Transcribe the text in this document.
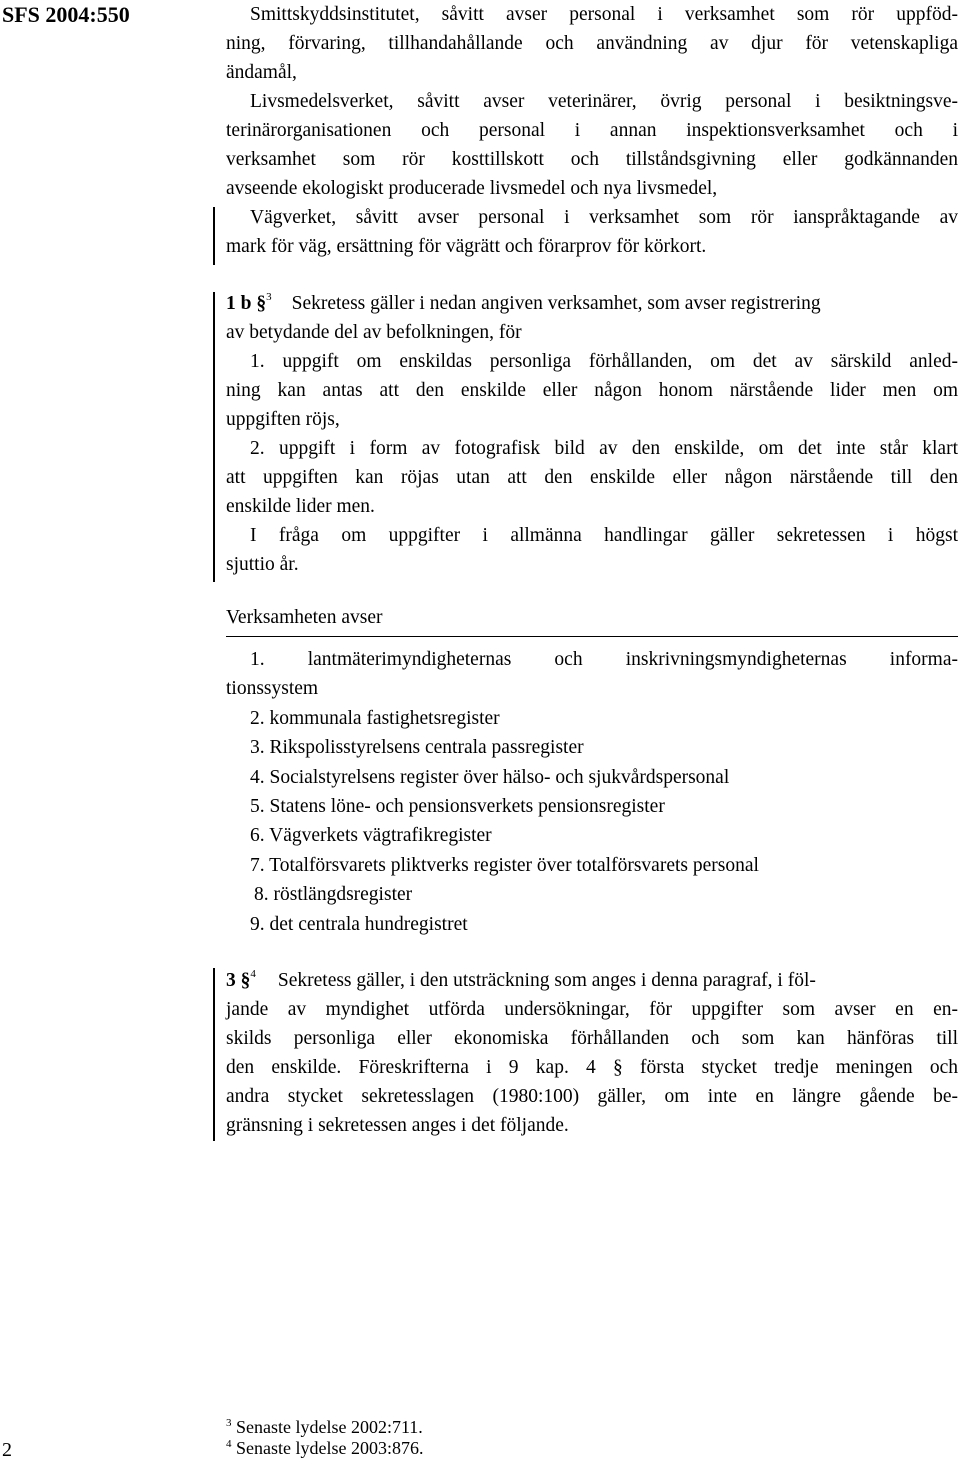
SFS 2004:550
2

Smittskyddsinstitutet, såvitt avser personal i verksamhet som rör uppföd-

ning, förvaring, tillhandahållande och användning av djur för vetenskapliga

ändamål,

Livsmedelsverket, såvitt avser veterinärer, övrig personal i besiktningsve-

terinärorganisationen och personal i annan inspektionsverksamhet och i

verksamhet som rör kosttillskott och tillståndsgivning eller godkännanden

avseende ekologiskt producerade livsmedel och nya livsmedel,

Vägverket, såvitt avser personal i verksamhet som rör ianspråktagande av

mark för väg, ersättning för vägrätt och förarprov för körkort.

1 b §$^3$ Sekretess gäller i nedan angiven verksamhet, som avser registrering

av betydande del av befolkningen, för

1. uppgift om enskildas personliga förhållanden, om det av särskild anled-

ning kan antas att den enskilde eller någon honom närstående lider men om

uppgiften röjs,

2. uppgift i form av fotografisk bild av den enskilde, om det inte står klart

att uppgiften kan röjas utan att den enskilde eller någon närstående till den

enskilde lider men.

I fråga om uppgifter i allmänna handlingar gäller sekretessen i högst

sjuttio år.

Verksamheten avser
1. lantmäterimyndigheternas och inskrivningsmyndigheternas informa-
tionssystem
2. kommunala fastighetsregister
3. Rikspolisstyrelsens centrala passregister
4. Socialstyrelsens register över hälso- och sjukvårdspersonal
5. Statens löne- och pensionsverkets pensionsregister
6. Vägverkets vägtrafikregister
7. Totalförsvarets pliktverks register över totalförsvarets personal
8. röstlängdsregister
9. det centrala hundregistret

3 §$^4$ Sekretess gäller, i den utsträckning som anges i denna paragraf, i föl-

jande av myndighet utförda undersökningar, för uppgifter som avser en en-

skilds personliga eller ekonomiska förhållanden och som kan hänföras till

den enskilde. Föreskrifterna i 9 kap. 4 § första stycket tredje meningen och

andra stycket sekretesslagen (1980:100) gäller, om inte en längre gående be-

gränsning i sekretessen anges i det följande.

$^3$ Senaste lydelse 2002:711.
$^4$ Senaste lydelse 2003:876.
